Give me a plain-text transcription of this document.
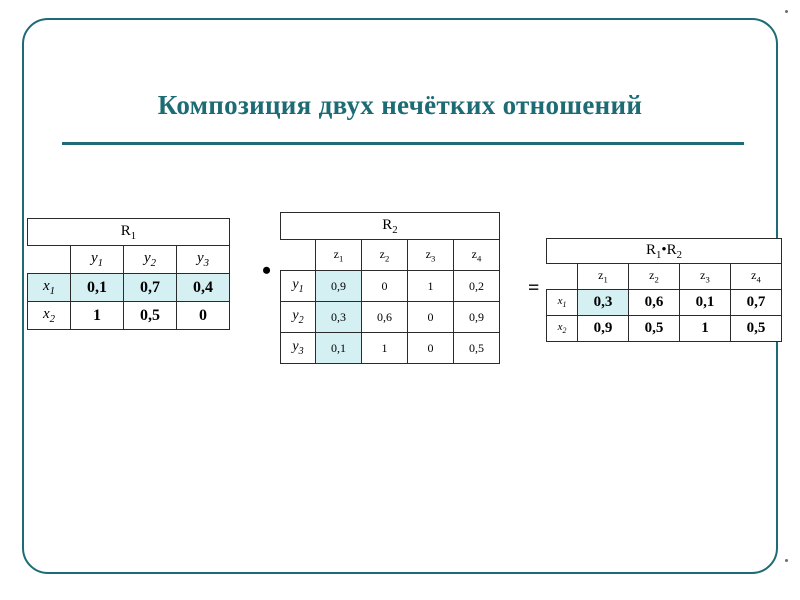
Композиция двух нечётких отношений
$R_1$
	$y_1$	$y_2$	$y_3$
$x_1$	0,1	0,7	0,4
$x_2$	1	0,5	0
•
$R_2$
	$z_1$	$z_2$	$z_3$	$z_4$
$y_1$	0,9	0	1	0,2
$y_2$	0,3	0,6	0	0,9
$y_3$	0,1	1	0	0,5
=
$R_1•R_2$
	$z_1$	$z_2$	$z_3$	$z_4$
$x_1$	0,3	0,6	0,1	0,7
$x_2$	0,9	0,5	1	0,5
